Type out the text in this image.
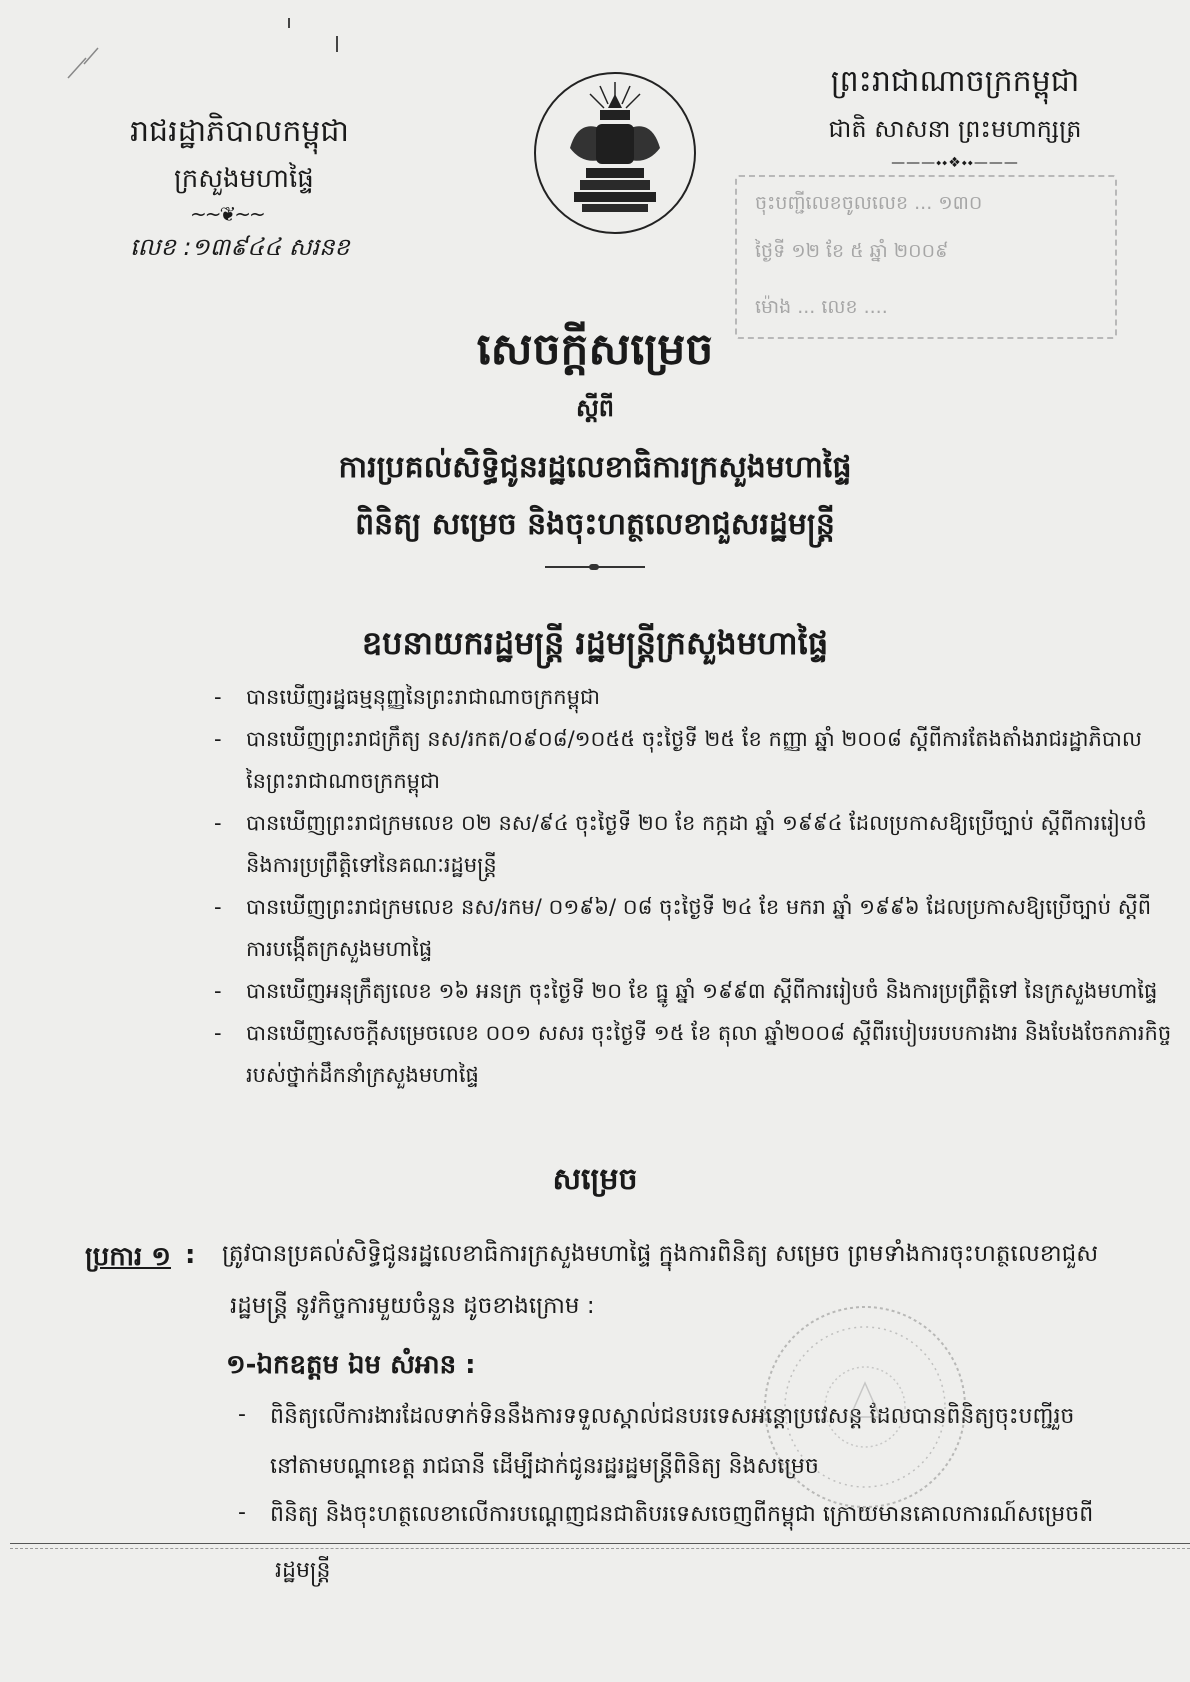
រាជរដ្ឋាភិបាលកម្ពុជា
ក្រសួងមហាផ្ទៃ
~~❦~~
លេខ :១៣៩៤៤ សរនខ
ព្រះរាជាណាចក្រកម្ពុជា
ជាតិ សាសនា ព្រះមហាក្សត្រ
———⬩⬩❖⬩⬩———
ចុះបញ្ជីលេខចូលលេខ ... ១៣០
ថ្ងៃទី ១២ ខែ ៥ ឆ្នាំ ២០០៩
ម៉ោង ... លេខ ....
សេចក្ដីសម្រេច
ស្ដីពី
ការប្រគល់សិទ្ធិជូនរដ្ឋលេខាធិការក្រសួងមហាផ្ទៃ
ពិនិត្យ សម្រេច និងចុះហត្ថលេខាជួសរដ្ឋមន្ត្រី
ឧបនាយករដ្ឋមន្ត្រី រដ្ឋមន្ត្រីក្រសួងមហាផ្ទៃ
-	បានឃើញរដ្ឋធម្មនុញ្ញនៃព្រះរាជាណាចក្រកម្ពុជា
-	បានឃើញព្រះរាជក្រឹត្យ នស/រកត/០៩០៨/១០៥៥ ចុះថ្ងៃទី ២៥ ខែ កញ្ញា ឆ្នាំ ២០០៨ ស្ដីពីការតែងតាំងរាជរដ្ឋាភិបាល
នៃព្រះរាជាណាចក្រកម្ពុជា
-	បានឃើញព្រះរាជក្រមលេខ ០២ នស/៩៤ ចុះថ្ងៃទី ២០ ខែ កក្កដា ឆ្នាំ ១៩៩៤ ដែលប្រកាសឱ្យប្រើច្បាប់ ស្ដីពីការរៀបចំ
និងការប្រព្រឹត្តិទៅនៃគណៈរដ្ឋមន្ត្រី
-	បានឃើញព្រះរាជក្រមលេខ នស/រកម/ ០១៩៦/ ០៨ ចុះថ្ងៃទី ២៤ ខែ មករា ឆ្នាំ ១៩៩៦ ដែលប្រកាសឱ្យប្រើច្បាប់ ស្ដីពី
ការបង្កើតក្រសួងមហាផ្ទៃ
-	បានឃើញអនុក្រឹត្យលេខ ១៦ អនក្រ ចុះថ្ងៃទី ២០ ខែ ធ្នូ ឆ្នាំ ១៩៩៣ ស្ដីពីការរៀបចំ និងការប្រព្រឹត្តិទៅ នៃក្រសួងមហាផ្ទៃ
-	បានឃើញសេចក្ដីសម្រេចលេខ ០០១ សសរ ចុះថ្ងៃទី ១៥ ខែ តុលា ឆ្នាំ២០០៨ ស្ដីពីរបៀបរបបការងារ និងបែងចែកភារកិច្ច
របស់ថ្នាក់ដឹកនាំក្រសួងមហាផ្ទៃ
សម្រេច
ប្រការ ១ : ត្រូវបានប្រគល់សិទ្ធិជូនរដ្ឋលេខាធិការក្រសួងមហាផ្ទៃ ក្នុងការពិនិត្យ សម្រេច ព្រមទាំងការចុះហត្ថលេខាជួស
រដ្ឋមន្ត្រី នូវកិច្ចការមួយចំនួន ដូចខាងក្រោម :
១-ឯកឧត្ដម ឯម សំអាន :
- ពិនិត្យលើការងារដែលទាក់ទិននឹងការទទួលស្គាល់ជនបរទេសអន្តោប្រវេសន្ត ដែលបានពិនិត្យចុះបញ្ជីរួច
នៅតាមបណ្ដាខេត្ត រាជធានី ដើម្បីដាក់ជូនរដ្ឋរដ្ឋមន្ត្រីពិនិត្យ និងសម្រេច
- ពិនិត្យ និងចុះហត្ថលេខាលើការបណ្ដេញជនជាតិបរទេសចេញពីកម្ពុជា ក្រោយមានគោលការណ៍សម្រេចពី
រដ្ឋមន្ត្រី
